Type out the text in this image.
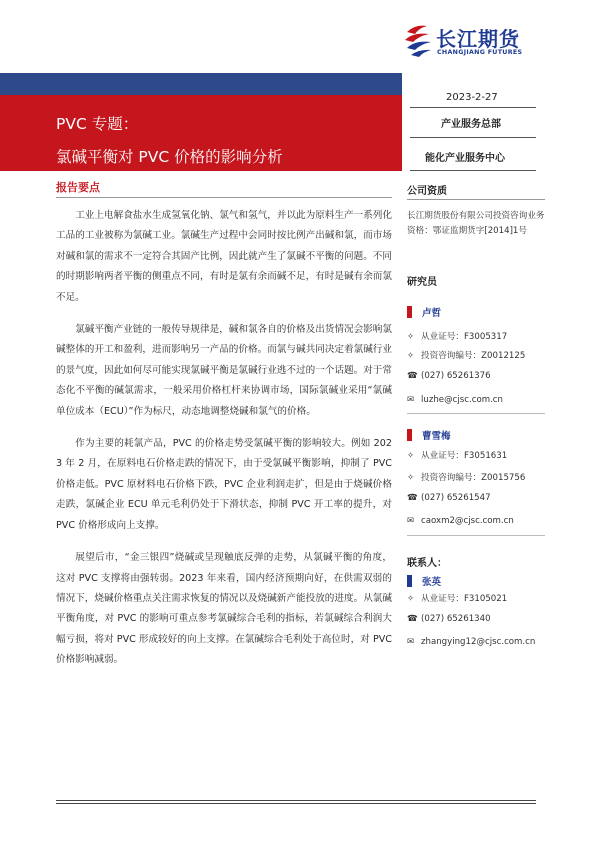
长江期货
CHANGJIANG FUTURES
PVC 专题：
氯碱平衡对 PVC 价格的影响分析
2023-2-27
产业服务总部
能化产业服务中心
报告要点

工业上电解食盐水生成氢氧化钠、氯气和氢气，并以此为原料生产一系列化工品的工业被称为氯碱工业。氯碱生产过程中会同时按比例产出碱和氯，而市场对碱和氯的需求不一定符合其固产比例，因此就产生了氯碱不平衡的问题。不同的时期影响两者平衡的侧重点不同，有时是氯有余而碱不足，有时是碱有余而氯不足。

氯碱平衡产业链的一般传导规律是，碱和氯各自的价格及出货情况会影响氯碱整体的开工和盈利，进而影响另一产品的价格。而氯与碱共同决定着氯碱行业的景气度，因此如何尽可能实现氯碱平衡是氯碱行业逃不过的一个话题。对于常态化不平衡的碱氯需求，一般采用价格杠杆来协调市场，国际氯碱业采用“氯碱单位成本（ECU）”作为标尺，动态地调整烧碱和氯气的价格。

作为主要的耗氯产品，PVC 的价格走势受氯碱平衡的影响较大。例如 2023 年 2 月，在原料电石价格走跌的情况下，由于受氯碱平衡影响，抑制了 PVC 价格走低。PVC 原材料电石价格下跌，PVC 企业利润走扩，但是由于烧碱价格走跌，氯碱企业 ECU 单元毛利仍处于下滑状态，抑制 PVC 开工率的提升，对 PVC 价格形成向上支撑。

展望后市，“金三银四”烧碱或呈现触底反弹的走势，从氯碱平衡的角度，这对 PVC 支撑将由强转弱。2023 年来看，国内经济预期向好，在供需双弱的情况下，烧碱价格重点关注需求恢复的情况以及烧碱新产能投放的进度。从氯碱平衡角度，对 PVC 的影响可重点参考氯碱综合毛利的指标，若氯碱综合利润大幅亏损，将对 PVC 形成较好的向上支撑。在氯碱综合毛利处于高位时，对 PVC 价格影响减弱。

公司资质
长江期货股份有限公司投资咨询业务资格：鄂证监期货字[2014]1号
研究员
卢哲
✧ 从业证号：F3005317
✧ 投资咨询编号：Z0012125
☎ (027) 65261376
✉ luzhe@cjsc.com.cn
曹雪梅
✧ 从业证号：F3051631
✧ 投资咨询编号：Z0015756
☎ (027) 65261547
✉ caoxm2@cjsc.com.cn
联系人：
张英
✧ 从业证号：F3105021
☎ (027) 65261340
✉ zhangying12@cjsc.com.cn
